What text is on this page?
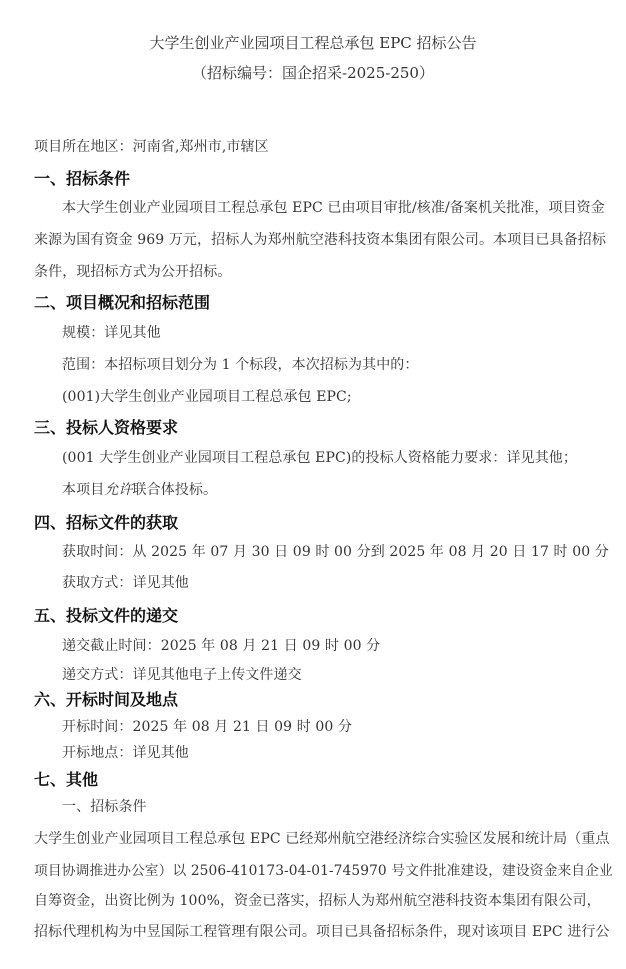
大学生创业产业园项目工程总承包 EPC 招标公告
（招标编号：国企招采-2025-250）
项目所在地区：河南省,郑州市,市辖区
一、招标条件
本大学生创业产业园项目工程总承包 EPC 已由项目审批/核准/备案机关批准，项目资金
来源为国有资金 969 万元，招标人为郑州航空港科技资本集团有限公司。本项目已具备招标
条件，现招标方式为公开招标。
二、项目概况和招标范围
规模：详见其他
范围：本招标项目划分为 1 个标段，本次招标为其中的：
(001)大学生创业产业园项目工程总承包 EPC;
三、投标人资格要求
(001 大学生创业产业园项目工程总承包 EPC)的投标人资格能力要求：详见其他；
本项目允许联合体投标。
四、招标文件的获取
获取时间：从 2025 年 07 月 30 日 09 时 00 分到 2025 年 08 月 20 日 17 时 00 分
获取方式：详见其他
五、投标文件的递交
递交截止时间：2025 年 08 月 21 日 09 时 00 分
递交方式：详见其他电子上传文件递交
六、开标时间及地点
开标时间：2025 年 08 月 21 日 09 时 00 分
开标地点：详见其他
七、其他
一、招标条件
大学生创业产业园项目工程总承包 EPC 已经郑州航空港经济综合实验区发展和统计局（重点
项目协调推进办公室）以 2506-410173-04-01-745970 号文件批准建设，建设资金来自企业
自筹资金，出资比例为 100%，资金已落实，招标人为郑州航空港科技资本集团有限公司，
招标代理机构为中昱国际工程管理有限公司。项目已具备招标条件，现对该项目 EPC 进行公
